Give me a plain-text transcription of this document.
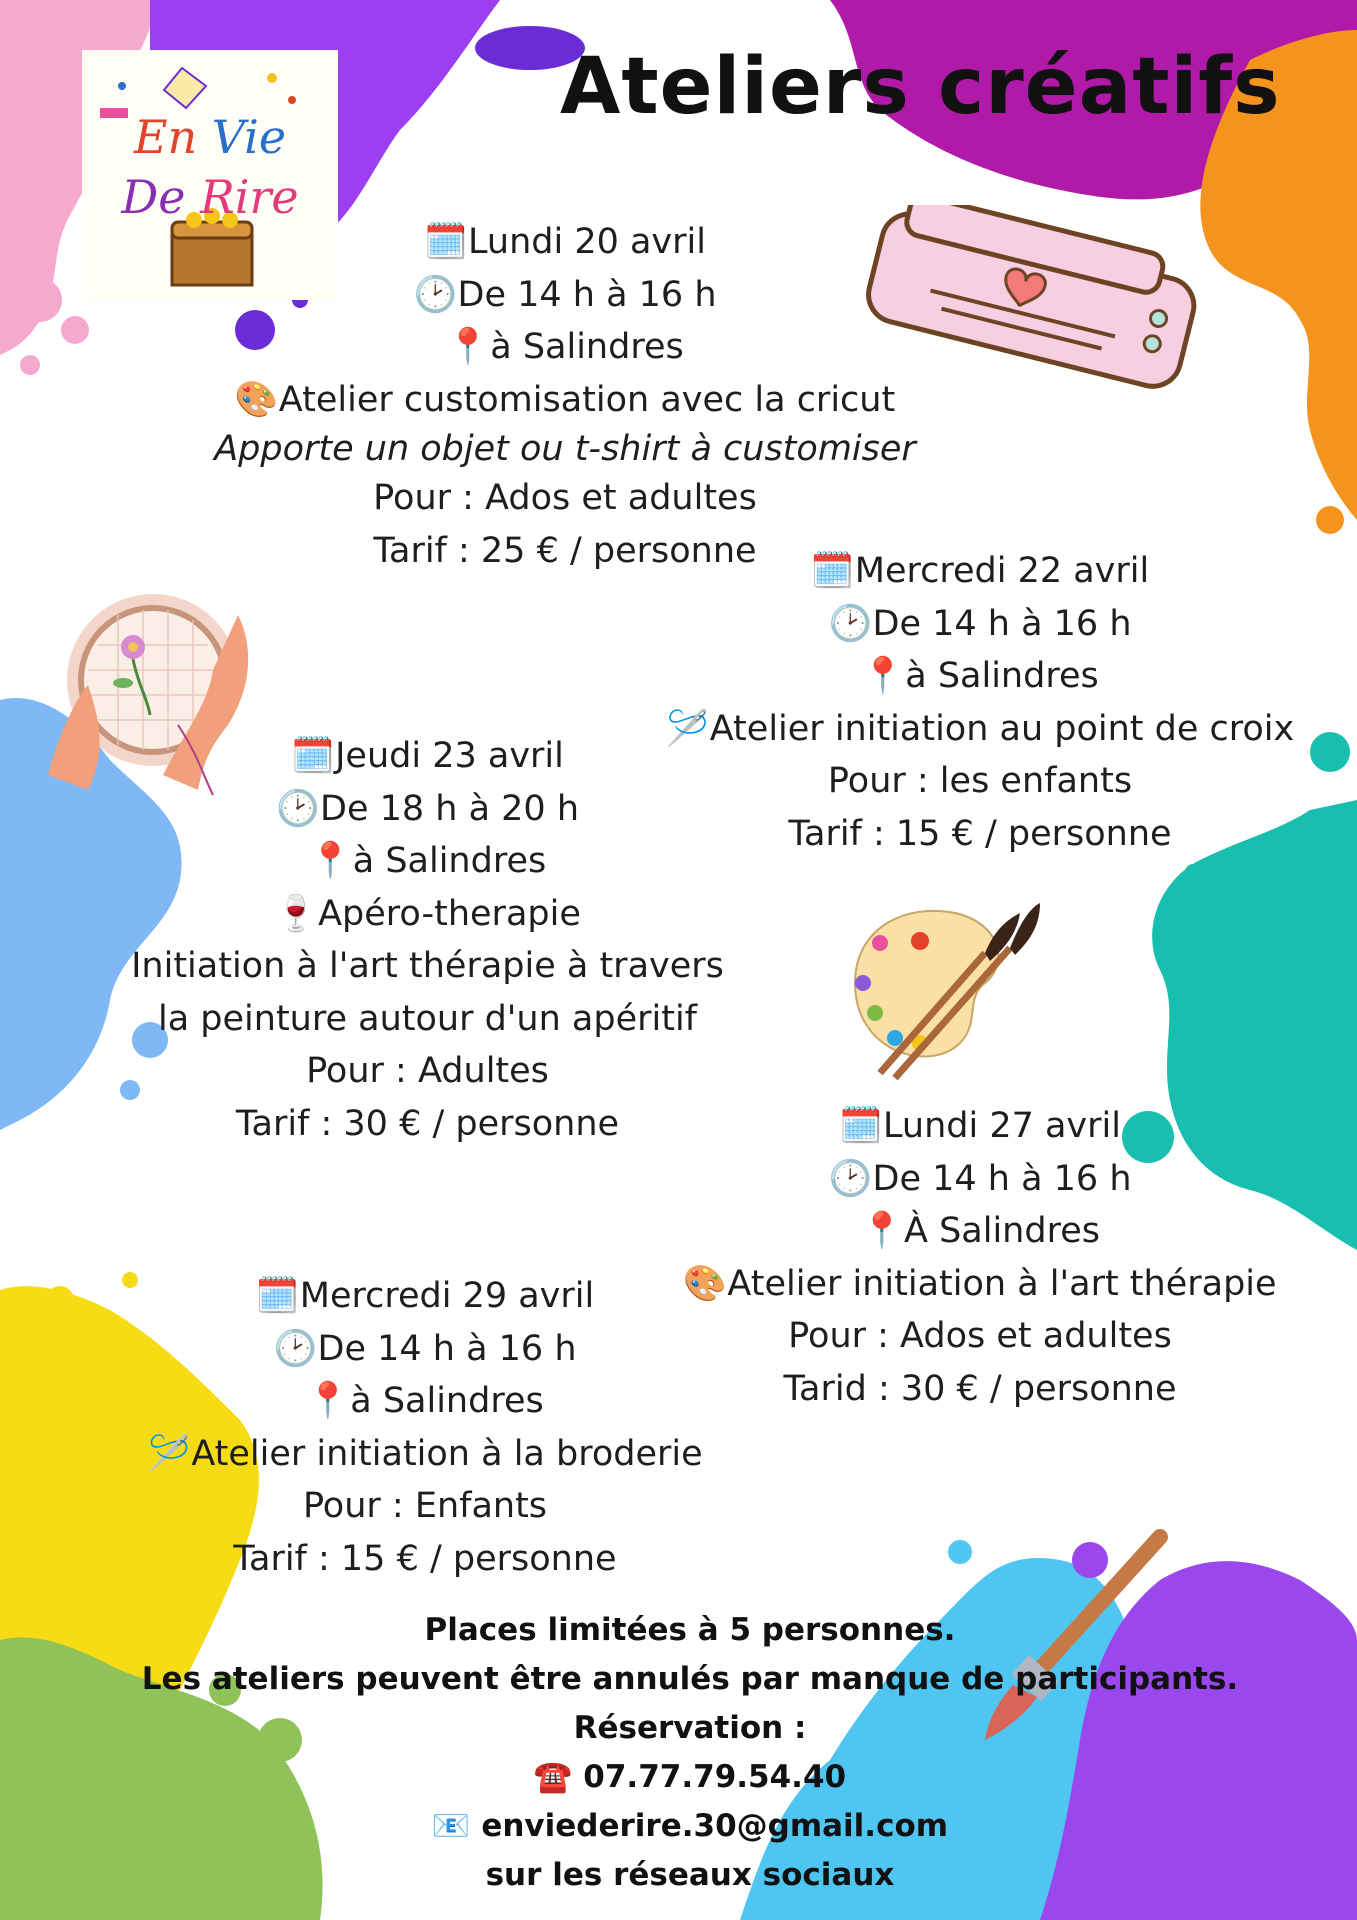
En Vie
De Rire
Ateliers créatifs
🗓️Lundi 20 avril
🕑De 14 h à 16 h
📍à Salindres
🎨Atelier customisation avec la cricut
Apporte un objet ou t-shirt à customiser
Pour : Ados et adultes
Tarif : 25 € / personne
🗓️Mercredi 22 avril
🕑De 14 h à 16 h
📍à Salindres
🪡Atelier initiation au point de croix
Pour : les enfants
Tarif : 15 € / personne
🗓️Jeudi 23 avril
🕑De 18 h à 20 h
📍à Salindres
🍷Apéro-therapie
Initiation à l'art thérapie à travers
la peinture autour d'un apéritif
Pour : Adultes
Tarif : 30 € / personne	🗓️Lundi 27 avril
🕑De 14 h à 16 h
📍À Salindres
🎨Atelier initiation à l'art thérapie
Pour : Ados et adultes
Tarid : 30 € / personne
🗓️Mercredi 29 avril
🕑De 14 h à 16 h
📍à Salindres
🪡Atelier initiation à la broderie
Pour : Enfants
Tarif : 15 € / personne
Places limitées à 5 personnes.
Les ateliers peuvent être annulés par manque de participants.
Réservation :
☎️ 07.77.79.54.40
📧 enviederire.30@gmail.com
sur les réseaux sociaux
